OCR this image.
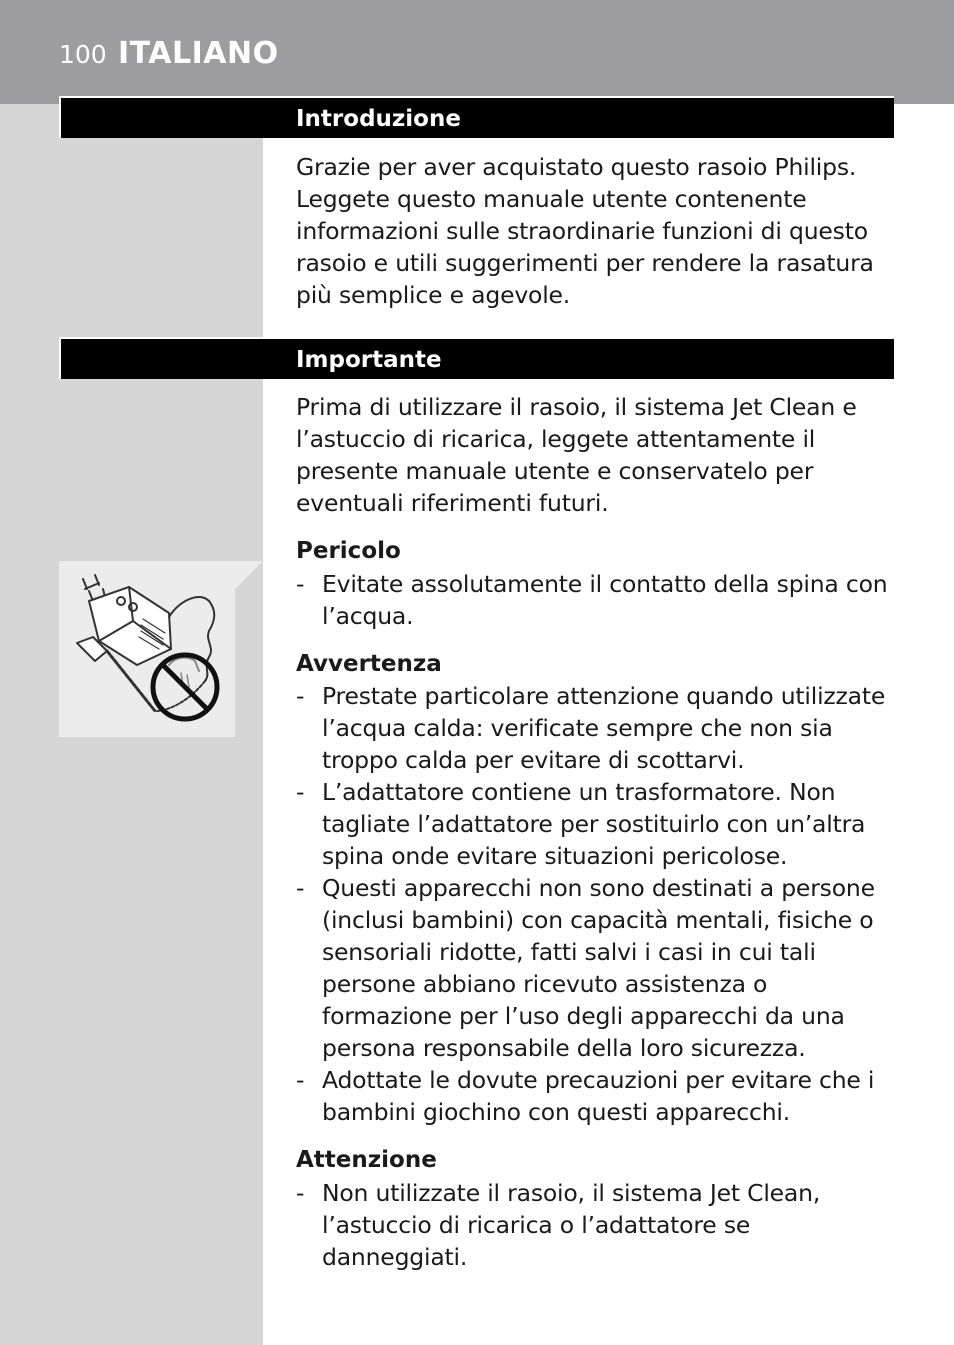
100 ITALIANO
Introduzione
Grazie per aver acquistato questo rasoio Philips. Leggete questo manuale utente contenente informazioni sulle straordinarie funzioni di questo rasoio e utili suggerimenti per rendere la rasatura più semplice e agevole.
Importante
Prima di utilizzare il rasoio, il sistema Jet Clean e l’astuccio di ricarica, leggete attentamente il presente manuale utente e conservatelo per eventuali riferimenti futuri.
Pericolo
- Evitate assolutamente il contatto della spina con l’acqua.
Avvertenza
- Prestate particolare attenzione quando utilizzate l’acqua calda: verificate sempre che non sia troppo calda per evitare di scottarvi.
- L’adattatore contiene un trasformatore. Non tagliate l’adattatore per sostituirlo con un’altra spina onde evitare situazioni pericolose.
- Questi apparecchi non sono destinati a persone (inclusi bambini) con capacità mentali, fisiche o sensoriali ridotte, fatti salvi i casi in cui tali persone abbiano ricevuto assistenza o formazione per l’uso degli apparecchi da una persona responsabile della loro sicurezza.
- Adottate le dovute precauzioni per evitare che i bambini giochino con questi apparecchi.
Attenzione
- Non utilizzate il rasoio, il sistema Jet Clean, l’astuccio di ricarica o l’adattatore se danneggiati.
